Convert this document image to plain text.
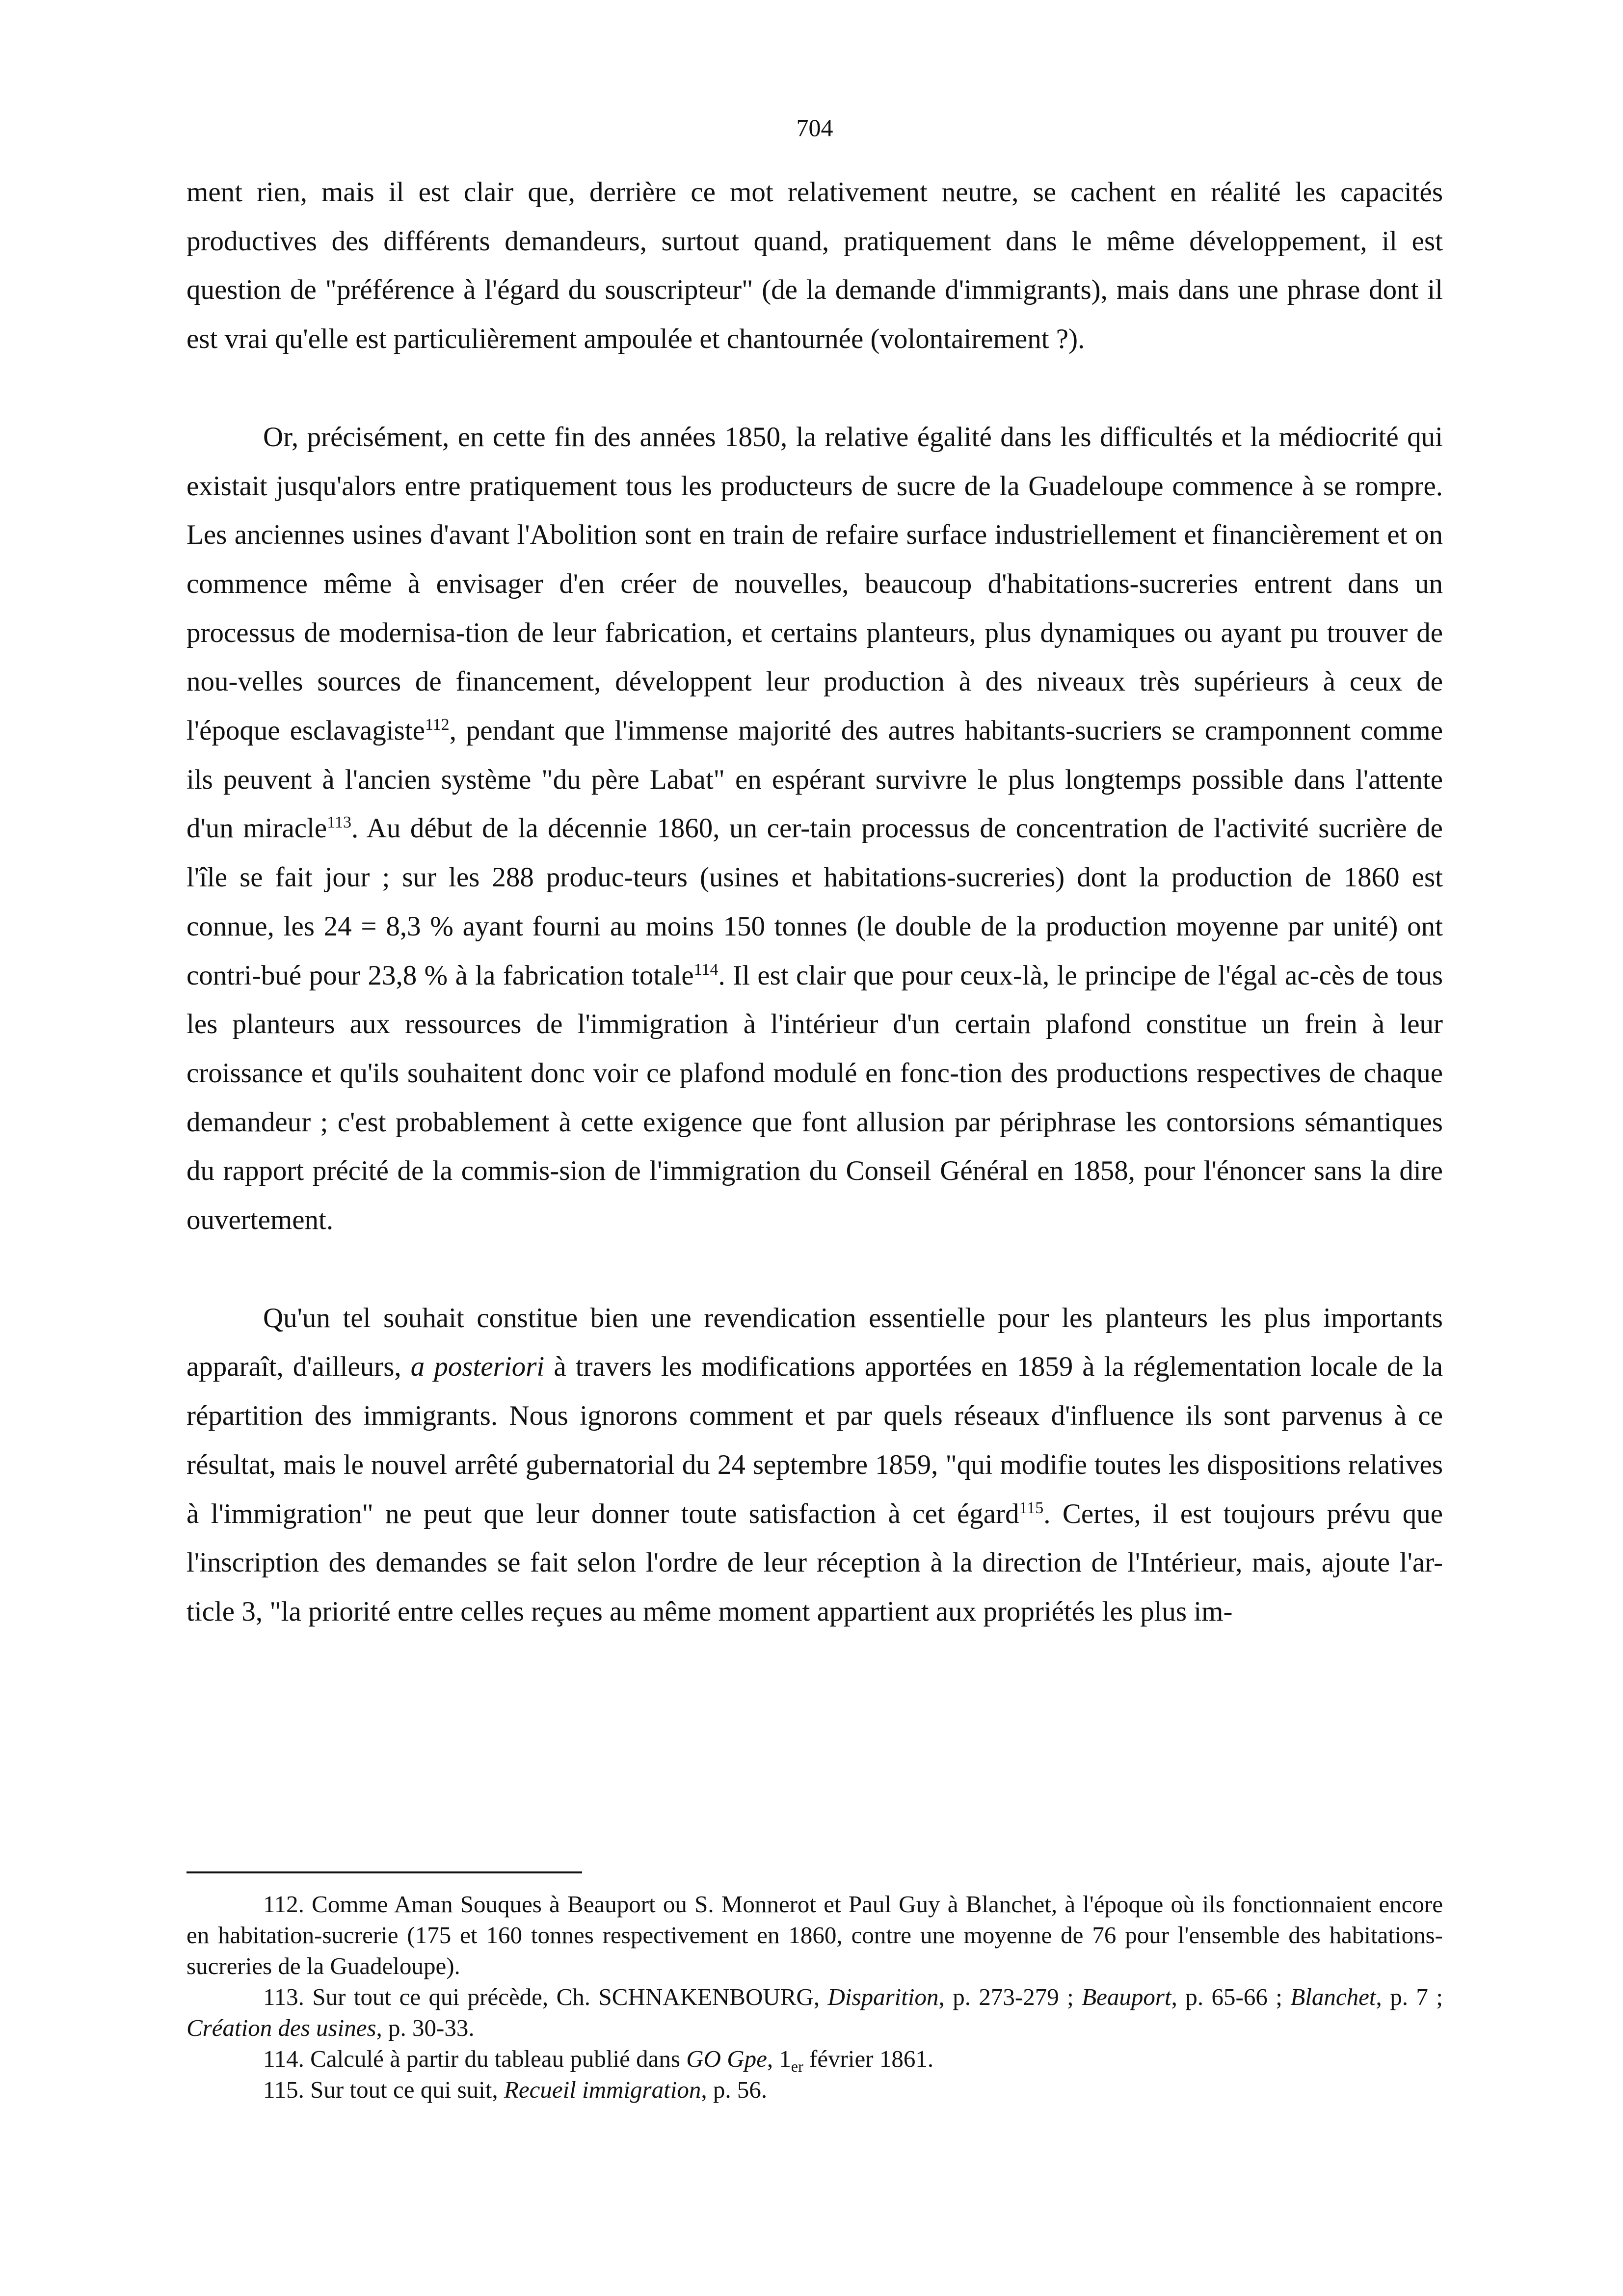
704

ment rien, mais il est clair que, derrière ce mot relativement neutre, se cachent en réalité les capacités productives des différents demandeurs, surtout quand, pratiquement dans le même développement, il est question de "préférence à l'égard du souscripteur" (de la demande d'immigrants), mais dans une phrase dont il est vrai qu'elle est particulièrement ampoulée et chantournée (volontairement ?).

Or, précisément, en cette fin des années 1850, la relative égalité dans les difficultés et la médiocrité qui existait jusqu'alors entre pratiquement tous les producteurs de sucre de la Guadeloupe commence à se rompre. Les anciennes usines d'avant l'Abolition sont en train de refaire surface industriellement et financièrement et on commence même à envisager d'en créer de nouvelles, beaucoup d'habitations-sucreries entrent dans un processus de modernisa-tion de leur fabrication, et certains planteurs, plus dynamiques ou ayant pu trouver de nou-velles sources de financement, développent leur production à des niveaux très supérieurs à ceux de l'époque esclavagiste$^{112}$, pendant que l'immense majorité des autres habitants-sucriers se cramponnent comme ils peuvent à l'ancien système "du père Labat" en espérant survivre le plus longtemps possible dans l'attente d'un miracle$^{113}$. Au début de la décennie 1860, un cer-tain processus de concentration de l'activité sucrière de l'île se fait jour ; sur les 288 produc-teurs (usines et habitations-sucreries) dont la production de 1860 est connue, les 24 = 8,3 % ayant fourni au moins 150 tonnes (le double de la production moyenne par unité) ont contri-bué pour 23,8 % à la fabrication totale$^{114}$. Il est clair que pour ceux-là, le principe de l'égal ac-cès de tous les planteurs aux ressources de l'immigration à l'intérieur d'un certain plafond constitue un frein à leur croissance et qu'ils souhaitent donc voir ce plafond modulé en fonc-tion des productions respectives de chaque demandeur ; c'est probablement à cette exigence que font allusion par périphrase les contorsions sémantiques du rapport précité de la commis-sion de l'immigration du Conseil Général en 1858, pour l'énoncer sans la dire ouvertement.

Qu'un tel souhait constitue bien une revendication essentielle pour les planteurs les plus importants apparaît, d'ailleurs, a posteriori à travers les modifications apportées en 1859 à la réglementation locale de la répartition des immigrants. Nous ignorons comment et par quels réseaux d'influence ils sont parvenus à ce résultat, mais le nouvel arrêté gubernatorial du 24 septembre 1859, "qui modifie toutes les dispositions relatives à l'immigration" ne peut que leur donner toute satisfaction à cet égard$^{115}$. Certes, il est toujours prévu que l'inscription des demandes se fait selon l'ordre de leur réception à la direction de l'Intérieur, mais, ajoute l'ar-ticle 3, "la priorité entre celles reçues au même moment appartient aux propriétés les plus im-

112. Comme Aman Souques à Beauport ou S. Monnerot et Paul Guy à Blanchet, à l'époque où ils fonctionnaient encore en habitation-sucrerie (175 et 160 tonnes respectivement en 1860, contre une moyenne de 76 pour l'ensemble des habitations-sucreries de la Guadeloupe).

113. Sur tout ce qui précède, Ch. SCHNAKENBOURG, Disparition, p. 273-279 ; Beauport, p. 65-66 ; Blanchet, p. 7 ; Création des usines, p. 30-33.

114. Calculé à partir du tableau publié dans GO Gpe, $1_{er}$ février 1861.

115. Sur tout ce qui suit, Recueil immigration, p. 56.
